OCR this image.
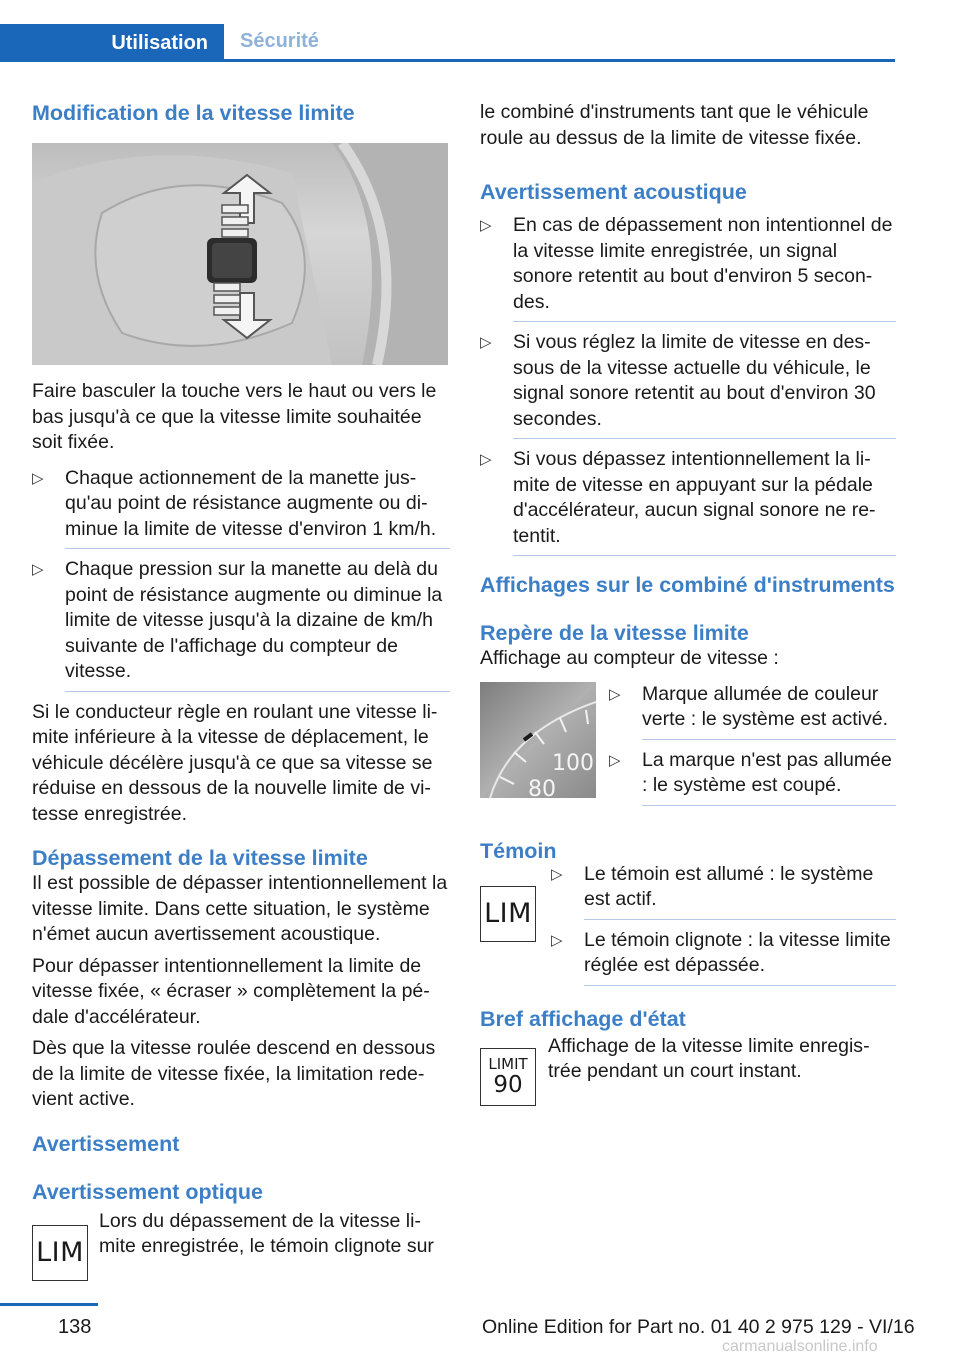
Utilisation	Sécurité
Modification de la vitesse limite

Faire basculer la touche vers le haut ou vers le bas jusqu'à ce que la vitesse limite souhaitée soit fixée.

▷ Chaque actionnement de la manette jusqu'au point de résistance augmente ou diminue la limite de vitesse d'environ 1 km/h.
▷ Chaque pression sur la manette au delà du point de résistance augmente ou diminue la limite de vitesse jusqu'à la dizaine de km/h suivante de l'affichage du compteur de vitesse.

Si le conducteur règle en roulant une vitesse limite inférieure à la vitesse de déplacement, le véhicule décélère jusqu'à ce que sa vitesse se réduise en dessous de la nouvelle limite de vitesse enregistrée.

Dépassement de la vitesse limite

Il est possible de dépasser intentionnellement la vitesse limite. Dans cette situation, le système n'émet aucun avertissement acoustique.

Pour dépasser intentionnellement la limite de vitesse fixée, « écraser » complètement la pédale d'accélérateur.

Dès que la vitesse roulée descend en dessous de la limite de vitesse fixée, la limitation redevient active.

Avertissement
Avertissement optique
LIM

Lors du dépassement de la vitesse limite enregistrée, le témoin clignote sur

le combiné d'instruments tant que le véhicule roule au dessus de la limite de vitesse fixée.

Avertissement acoustique
▷ En cas de dépassement non intentionnel de la vitesse limite enregistrée, un signal sonore retentit au bout d'environ 5 secondes.
▷ Si vous réglez la limite de vitesse en dessous de la vitesse actuelle du véhicule, le signal sonore retentit au bout d'environ 30 secondes.
▷ Si vous dépassez intentionnellement la limite de vitesse en appuyant sur la pédale d'accélérateur, aucun signal sonore ne retentit.
Affichages sur le combiné d'instruments
Repère de la vitesse limite

Affichage au compteur de vitesse :

100
80
▷ Marque allumée de couleur verte : le système est activé.
▷ La marque n'est pas allumée : le système est coupé.
Témoin
LIM
▷ Le témoin est allumé : le système est actif.
▷ Le témoin clignote : la vitesse limite réglée est dépassée.
Bref affichage d'état
LIMIT
90

Affichage de la vitesse limite enregistrée pendant un court instant.

138	Online Edition for Part no. 01 40 2 975 129 - VI/16
carmanualsonline.info
